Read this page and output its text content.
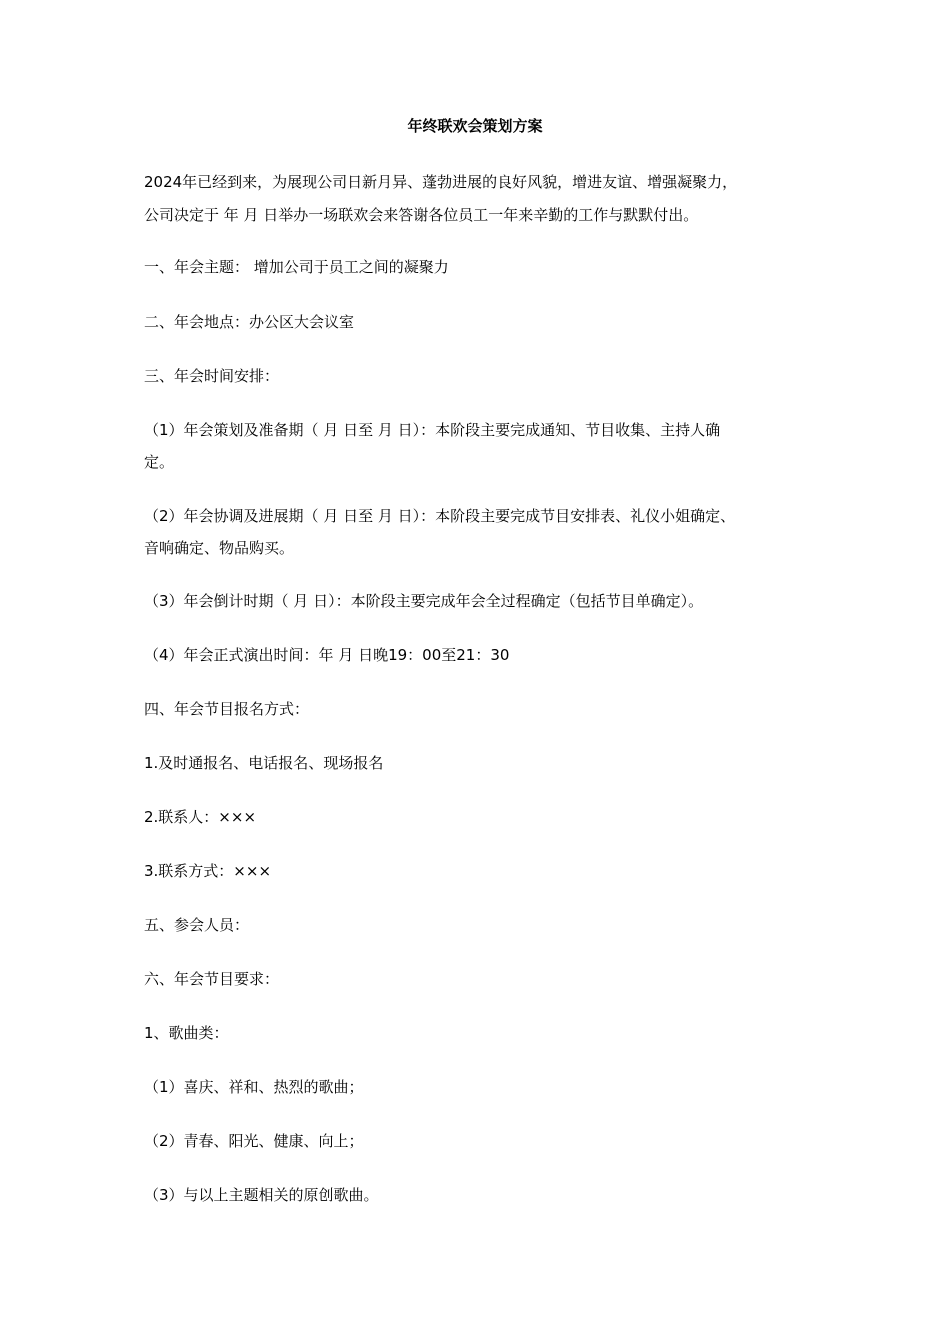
年终联欢会策划方案
2024年已经到来，为展现公司日新月异、蓬勃进展的良好风貌，增进友谊、增强凝聚力，
公司决定于 年 月 日举办一场联欢会来答谢各位员工一年来辛勤的工作与默默付出。
一、年会主题： 增加公司于员工之间的凝聚力
二、年会地点：办公区大会议室
三、年会时间安排：
（1）年会策划及准备期（ 月 日至 月 日）：本阶段主要完成通知、节目收集、主持人确
定。
（2）年会协调及进展期（ 月 日至 月 日）：本阶段主要完成节目安排表、礼仪小姐确定、
音响确定、物品购买。
（3）年会倒计时期（ 月 日）：本阶段主要完成年会全过程确定（包括节目单确定）。
（4）年会正式演出时间：年 月 日晚19：00至21：30
四、年会节目报名方式：
1.及时通报名、电话报名、现场报名
2.联系人：×××
3.联系方式：×××
五、参会人员：
六、年会节目要求：
1、歌曲类：
（1）喜庆、祥和、热烈的歌曲；
（2）青春、阳光、健康、向上；
（3）与以上主题相关的原创歌曲。
